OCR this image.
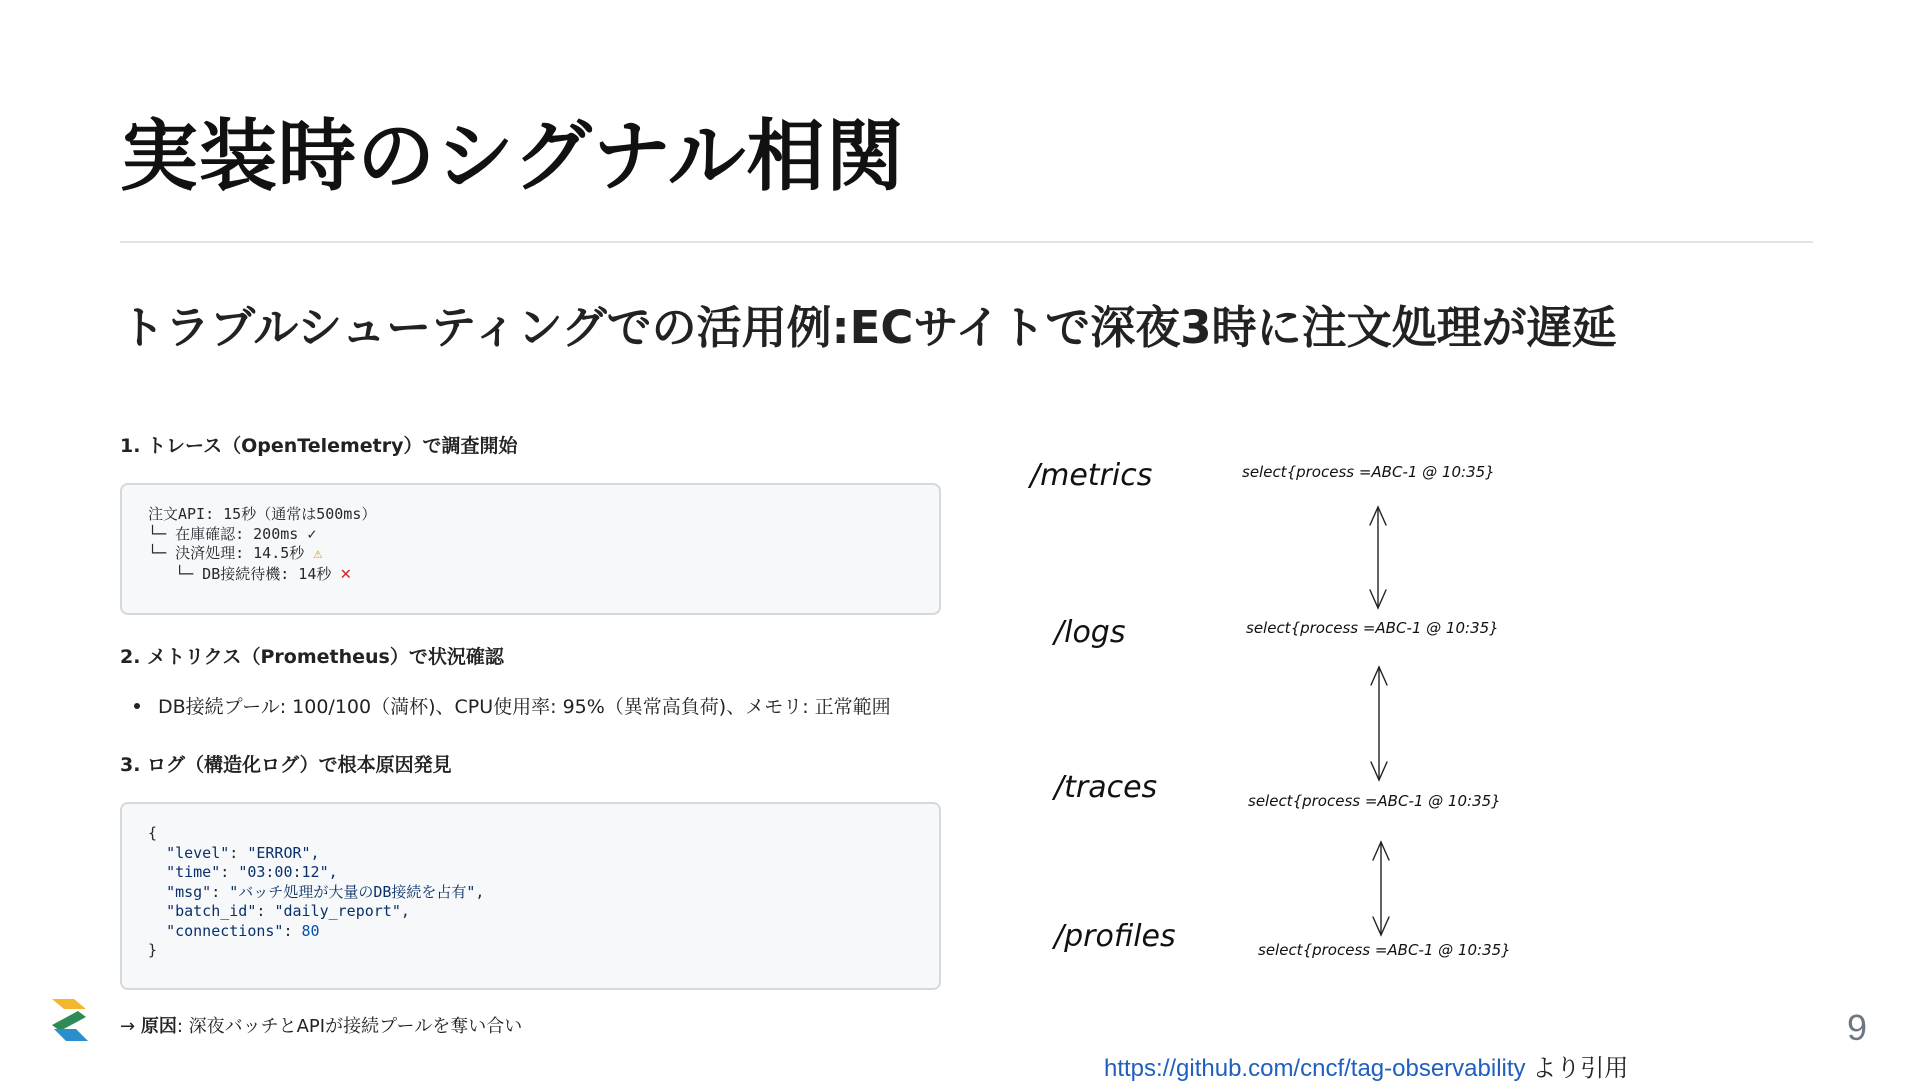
実装時のシグナル相関
トラブルシューティングでの活用例:ECサイトで深夜3時に注文処理が遅延
1. トレース（OpenTelemetry）で調査開始
注文API: 15秒（通常は500ms）
└─ 在庫確認: 200ms ✓
└─ 決済処理: 14.5秒 ⚠
└─ DB接続待機: 14秒 ✕
2. メトリクス（Prometheus）で状況確認
DB接続プール: 100/100（満杯)、CPU使用率: 95%（異常高負荷)、メモリ: 正常範囲
3. ログ（構造化ログ）で根本原因発見
{
"level": "ERROR",
"time": "03:00:12",
"msg": "バッチ処理が大量のDB接続を占有",
"batch_id": "daily_report",
"connections": 80
}
→ 原因: 深夜バッチとAPIが接続プールを奪い合い
/metrics
/logs
/traces
/profiles
select{process =ABC-1 @ 10:35}
select{process =ABC-1 @ 10:35}
select{process =ABC-1 @ 10:35}
select{process =ABC-1 @ 10:35}
9
https://github.com/cncf/tag-observability より引用
